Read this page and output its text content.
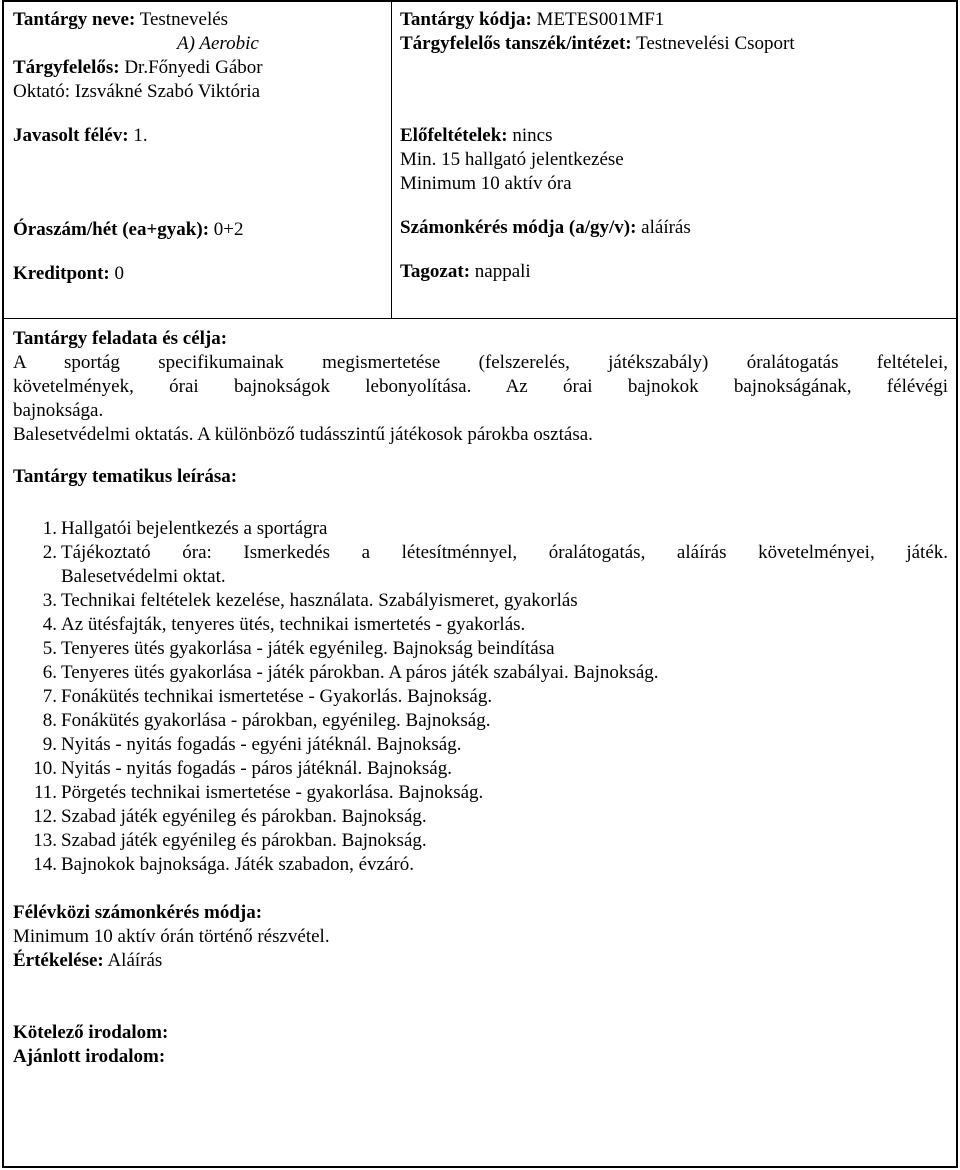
Tantárgy neve: Testnevelés
A) Aerobic
Tárgyfelelős: Dr.Főnyedi Gábor
Oktató: Izsvákné Szabó Viktória
Javasolt félév: 1.
Óraszám/hét (ea+gyak): 0+2
Kreditpont: 0
Tantárgy kódja: METES001MF1
Tárgyfelelős tanszék/intézet: Testnevelési Csoport
Előfeltételek: nincs
Min. 15 hallgató jelentkezése
Minimum 10 aktív óra
Számonkérés módja (a/gy/v): aláírás
Tagozat: nappali
Tantárgy feladata és célja:
A sportág specifikumainak megismertetése (felszerelés, játékszabály) óralátogatás feltételei,
követelmények, órai bajnokságok lebonyolítása. Az órai bajnokok bajnokságának, félévégi
bajnoksága.
Balesetvédelmi oktatás. A különböző tudásszintű játékosok párokba osztása.
Tantárgy tematikus leírása:
1. Hallgatói bejelentkezés a sportágra
2. Tájékoztató óra: Ismerkedés a létesítménnyel, óralátogatás, aláírás követelményei, játék.
Balesetvédelmi oktat.
3. Technikai feltételek kezelése, használata. Szabályismeret, gyakorlás
4. Az ütésfajták, tenyeres ütés, technikai ismertetés - gyakorlás.
5. Tenyeres ütés gyakorlása - játék egyénileg. Bajnokság beindítása
6. Tenyeres ütés gyakorlása - játék párokban. A páros játék szabályai. Bajnokság.
7. Fonákütés technikai ismertetése - Gyakorlás. Bajnokság.
8. Fonákütés gyakorlása - párokban, egyénileg. Bajnokság.
9. Nyitás - nyitás fogadás - egyéni játéknál. Bajnokság.
10. Nyitás - nyitás fogadás - páros játéknál. Bajnokság.
11. Pörgetés technikai ismertetése - gyakorlása. Bajnokság.
12. Szabad játék egyénileg és párokban. Bajnokság.
13. Szabad játék egyénileg és párokban. Bajnokság.
14. Bajnokok bajnoksága. Játék szabadon, évzáró.
Félévközi számonkérés módja:
Minimum 10 aktív órán történő részvétel.
Értékelése: Aláírás
Kötelező irodalom:
Ajánlott irodalom:
